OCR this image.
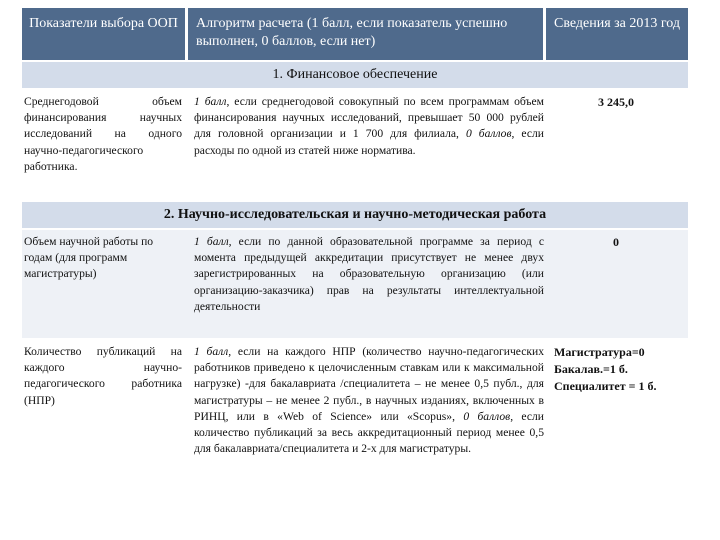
Показатели выбора ООП	Алгоритм расчета (1 балл, если показатель успешно выполнен, 0 баллов, если нет)
Сведения за 2013 год
1. Финансовое обеспечение
Среднегодовой объем финансирования научных исследований на одного научно-педагогического работника.
1 балл, если среднегодовой совокупный по всем программам объем финансирования научных исследований, превышает 50 000 рублей для головной организации и 1 700 для филиала, 0 баллов, если расходы по одной из статей ниже норматива.
3 245,0
2. Научно-исследовательская и научно-методическая работа
Объем научной работы по годам (для программ магистратуры)
1 балл, если по данной образовательной программе за период с момента предыдущей аккредитации присутствует не менее двух зарегистрированных на образовательную организацию (или организацию-заказчика) прав на результаты интеллектуальной деятельности
0
Количество публикаций на каждого научно-педагогического работника (НПР)
1 балл, если на каждого НПР (количество научно-педагогических работников приведено к целочисленным ставкам или к максимальной нагрузке) -для бакалавриата /специалитета – не менее 0,5 публ., для магистратуры – не менее 2 публ., в научных изданиях, включенных в РИНЦ, или в «Web of Science» или «Scopus», 0 баллов, если количество публикаций за весь аккредитационный период менее 0,5 для бакалавриата/специалитета и 2-х для магистратуры.
Магистратура=0
Бакалав.=1 б.
Специалитет = 1 б.
